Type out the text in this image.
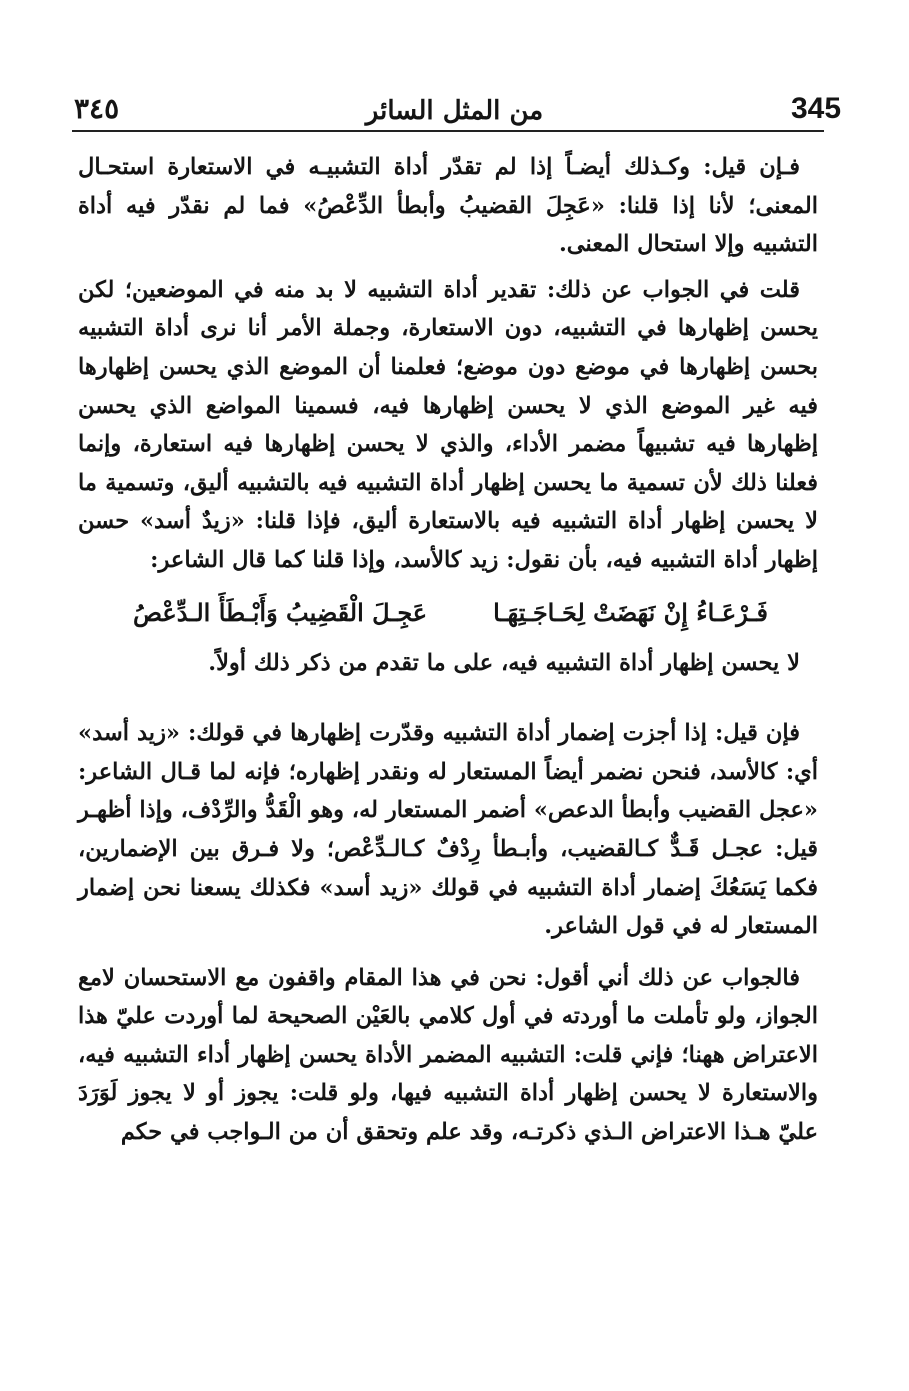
345
من المثل السائر
٣٤٥

فـإن قيل: وكـذلك أيضـاً إذا لم تقدّر أداة التشبيـه في الاستعارة استحـال المعنى؛ لأنا إذا قلنا: «عَجِلَ القضيبُ وأبطأ الدِّعْصُ» فما لم نقدّر فيه أداة التشبيه وإلا استحال المعنى.

قلت في الجواب عن ذلك: تقدير أداة التشبيه لا بد منه في الموضعين؛ لكن يحسن إظهارها في التشبيه، دون الاستعارة، وجملة الأمر أنا نرى أداة التشبيه بحسن إظهارها في موضع دون موضع؛ فعلمنا أن الموضع الذي يحسن إظهارها فيه غير الموضع الذي لا يحسن إظهارها فيه، فسمينا المواضع الذي يحسن إظهارها فيه تشبيهاً مضمر الأداء، والذي لا يحسن إظهارها فيه استعارة، وإنما فعلنا ذلك لأن تسمية ما يحسن إظهار أداة التشبيه فيه بالتشبيه أليق، وتسمية ما لا يحسن إظهار أداة التشبيه فيه بالاستعارة أليق، فإذا قلنا: «زيدٌ أسد» حسن إظهار أداة التشبيه فيه، بأن نقول: زيد كالأسد، وإذا قلنا كما قال الشاعر:

فَـرْعَـاءُ إِنْ نَهَضَتْ لِحَـاجَـتِهَـا
عَجِـلَ الْقَضِيبُ وَأَبْـطَأَ الـدِّعْصُ

لا يحسن إظهار أداة التشبيه فيه، على ما تقدم من ذكر ذلك أولاً.

فإن قيل: إذا أجزت إضمار أداة التشبيه وقدّرت إظهارها في قولك: «زيد أسد» أي: كالأسد، فنحن نضمر أيضاً المستعار له ونقدر إظهاره؛ فإنه لما قـال الشاعر: «عجل القضيب وأبطأ الدعص» أضمر المستعار له، وهو الْقَدُّ والرِّدْف، وإذا أظهـر قيل: عجـل قَـدٌّ كـالقضيب، وأبـطأ رِدْفٌ كـالـدِّعْص؛ ولا فـرق بين الإضمارين، فكما يَسَعُكَ إضمار أداة التشبيه في قولك «زيد أسد» فكذلك يسعنا نحن إضمار المستعار له في قول الشاعر.

فالجواب عن ذلك أني أقول: نحن في هذا المقام واقفون مع الاستحسان لامع الجواز، ولو تأملت ما أوردته في أول كلامي بالعَيْن الصحيحة لما أوردت عليّ هذا الاعتراض ههنا؛ فإني قلت: التشبيه المضمر الأداة يحسن إظهار أداء التشبيه فيه، والاستعارة لا يحسن إظهار أداة التشبيه فيها، ولو قلت: يجوز أو لا يجوز لَوَرَدَ عليّ هـذا الاعتراض الـذي ذكرتـه، وقد علم وتحقق أن من الـواجب في حكم
